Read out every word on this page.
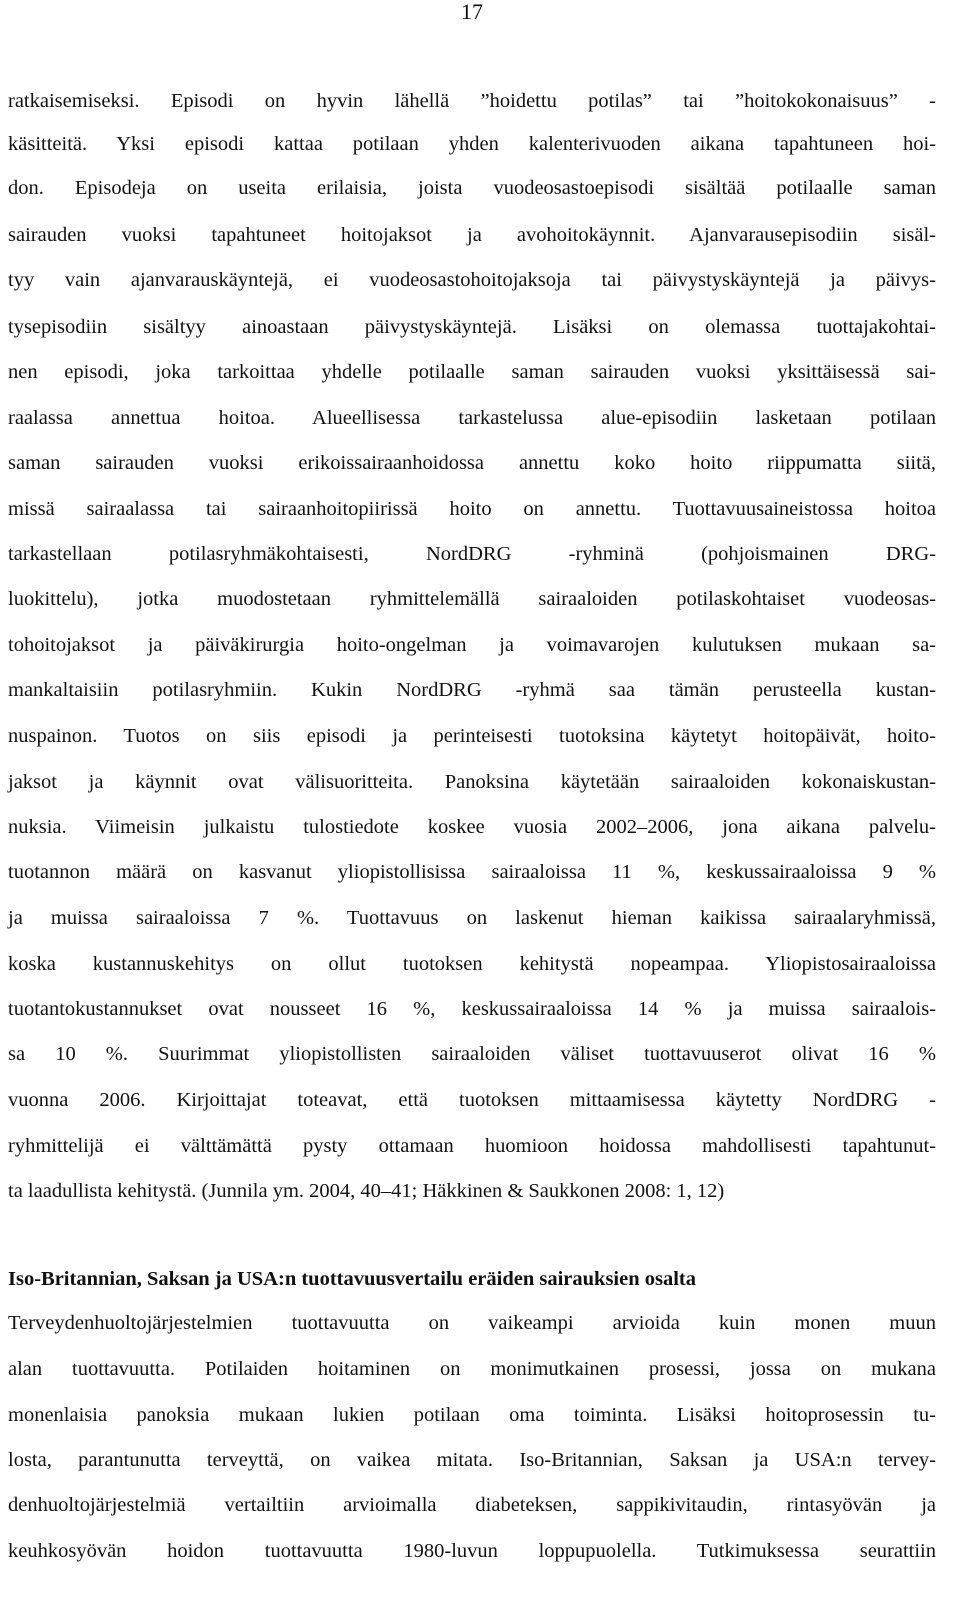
17
ratkaisemiseksi. Episodi on hyvin lähellä ”hoidettu potilas” tai ”hoitokokonaisuus” -
käsitteitä. Yksi episodi kattaa potilaan yhden kalenterivuoden aikana tapahtuneen hoi-
don. Episodeja on useita erilaisia, joista vuodeosastoepisodi sisältää potilaalle saman
sairauden vuoksi tapahtuneet hoitojaksot ja avohoitokäynnit. Ajanvarausepisodiin sisäl-
tyy vain ajanvarauskäyntejä, ei vuodeosastohoitojaksoja tai päivystyskäyntejä ja päivys-
tysepisodiin sisältyy ainoastaan päivystyskäyntejä. Lisäksi on olemassa tuottajakohtai-
nen episodi, joka tarkoittaa yhdelle potilaalle saman sairauden vuoksi yksittäisessä sai-
raalassa annettua hoitoa. Alueellisessa tarkastelussa alue-episodiin lasketaan potilaan
saman sairauden vuoksi erikoissairaanhoidossa annettu koko hoito riippumatta siitä,
missä sairaalassa tai sairaanhoitopiirissä hoito on annettu. Tuottavuusaineistossa hoitoa
tarkastellaan potilasryhmäkohtaisesti, NordDRG -ryhminä (pohjoismainen DRG-
luokittelu), jotka muodostetaan ryhmittelemällä sairaaloiden potilaskohtaiset vuodeosas-
tohoitojaksot ja päiväkirurgia hoito-ongelman ja voimavarojen kulutuksen mukaan sa-
mankaltaisiin potilasryhmiin. Kukin NordDRG -ryhmä saa tämän perusteella kustan-
nuspainon. Tuotos on siis episodi ja perinteisesti tuotoksina käytetyt hoitopäivät, hoito-
jaksot ja käynnit ovat välisuoritteita. Panoksina käytetään sairaaloiden kokonaiskustan-
nuksia. Viimeisin julkaistu tulostiedote koskee vuosia 2002–2006, jona aikana palvelu-
tuotannon määrä on kasvanut yliopistollisissa sairaaloissa 11 %, keskussairaaloissa 9 %
ja muissa sairaaloissa 7 %. Tuottavuus on laskenut hieman kaikissa sairaalaryhmissä,
koska kustannuskehitys on ollut tuotoksen kehitystä nopeampaa. Yliopistosairaaloissa
tuotantokustannukset ovat nousseet 16 %, keskussairaaloissa 14 % ja muissa sairaalois-
sa 10 %. Suurimmat yliopistollisten sairaaloiden väliset tuottavuuserot olivat 16 %
vuonna 2006. Kirjoittajat toteavat, että tuotoksen mittaamisessa käytetty NordDRG -
ryhmittelijä ei välttämättä pysty ottamaan huomioon hoidossa mahdollisesti tapahtunut-
ta laadullista kehitystä. (Junnila ym. 2004, 40–41; Häkkinen & Saukkonen 2008: 1, 12)
Iso-Britannian, Saksan ja USA:n tuottavuusvertailu eräiden sairauksien osalta
Terveydenhuoltojärjestelmien tuottavuutta on vaikeampi arvioida kuin monen muun
alan tuottavuutta. Potilaiden hoitaminen on monimutkainen prosessi, jossa on mukana
monenlaisia panoksia mukaan lukien potilaan oma toiminta. Lisäksi hoitoprosessin tu-
losta, parantunutta terveyttä, on vaikea mitata. Iso-Britannian, Saksan ja USA:n tervey-
denhuoltojärjestelmiä vertailtiin arvioimalla diabeteksen, sappikivitaudin, rintasyövän ja
keuhkosyövän hoidon tuottavuutta 1980-luvun loppupuolella. Tutkimuksessa seurattiin
